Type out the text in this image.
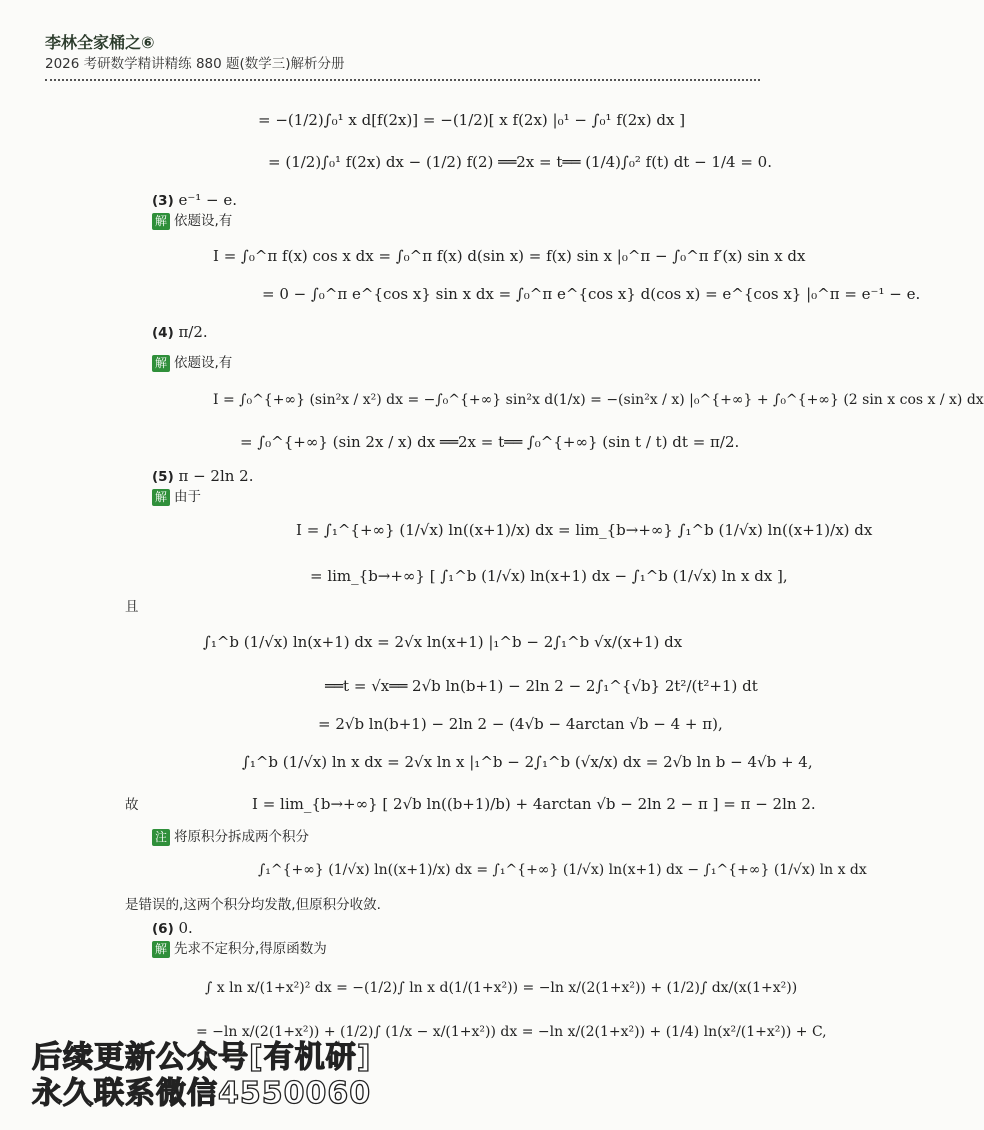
李林全家桶之⑥
2026 考研数学精讲精练 880 题(数学三)解析分册
= −(1/2)∫₀¹ x d[f(2x)] = −(1/2)[ x f(2x) |₀¹ − ∫₀¹ f(2x) dx ]
= (1/2)∫₀¹ f(2x) dx − (1/2) f(2) ══2x = t══ (1/4)∫₀² f(t) dt − 1/4 = 0.
(3) e⁻¹ − e.
解 依题设,有
I = ∫₀^π f(x) cos x dx = ∫₀^π f(x) d(sin x) = f(x) sin x |₀^π − ∫₀^π f′(x) sin x dx
= 0 − ∫₀^π e^{cos x} sin x dx = ∫₀^π e^{cos x} d(cos x) = e^{cos x} |₀^π = e⁻¹ − e.
(4) π/2.
解 依题设,有
I = ∫₀^{+∞} (sin²x / x²) dx = −∫₀^{+∞} sin²x d(1/x) = −(sin²x / x) |₀^{+∞} + ∫₀^{+∞} (2 sin x cos x / x) dx
= ∫₀^{+∞} (sin 2x / x) dx ══2x = t══ ∫₀^{+∞} (sin t / t) dt = π/2.
(5) π − 2ln 2.
解 由于
I = ∫₁^{+∞} (1/√x) ln((x+1)/x) dx = lim_{b→+∞} ∫₁^b (1/√x) ln((x+1)/x) dx
= lim_{b→+∞} [ ∫₁^b (1/√x) ln(x+1) dx − ∫₁^b (1/√x) ln x dx ],
且
∫₁^b (1/√x) ln(x+1) dx = 2√x ln(x+1) |₁^b − 2∫₁^b √x/(x+1) dx
══t = √x══ 2√b ln(b+1) − 2ln 2 − 2∫₁^{√b} 2t²/(t²+1) dt
= 2√b ln(b+1) − 2ln 2 − (4√b − 4arctan √b − 4 + π),
∫₁^b (1/√x) ln x dx = 2√x ln x |₁^b − 2∫₁^b (√x/x) dx = 2√b ln b − 4√b + 4,
故	I = lim_{b→+∞} [ 2√b ln((b+1)/b) + 4arctan √b − 2ln 2 − π ] = π − 2ln 2.
注 将原积分拆成两个积分
∫₁^{+∞} (1/√x) ln((x+1)/x) dx = ∫₁^{+∞} (1/√x) ln(x+1) dx − ∫₁^{+∞} (1/√x) ln x dx
是错误的,这两个积分均发散,但原积分收敛.
(6) 0.
解 先求不定积分,得原函数为
∫ x ln x/(1+x²)² dx = −(1/2)∫ ln x d(1/(1+x²)) = −ln x/(2(1+x²)) + (1/2)∫ dx/(x(1+x²))
= −ln x/(2(1+x²)) + (1/2)∫ (1/x − x/(1+x²)) dx = −ln x/(2(1+x²)) + (1/4) ln(x²/(1+x²)) + C,
后续更新公众号[有机研]
永久联系微信4550060
